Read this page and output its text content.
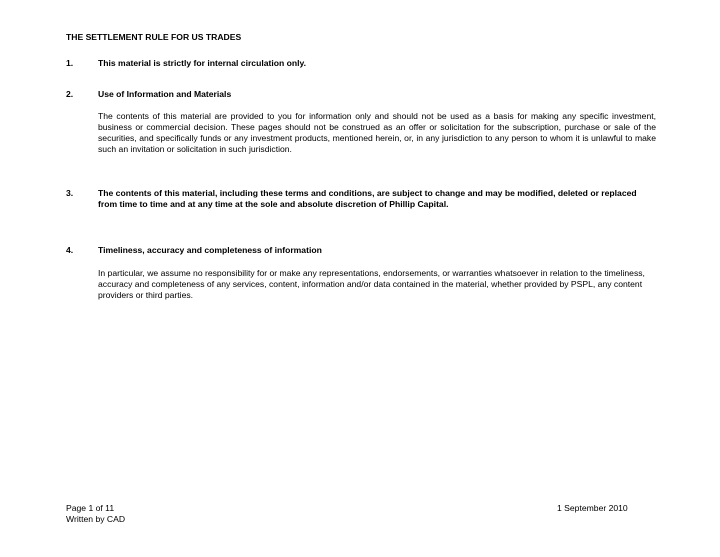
THE SETTLEMENT RULE FOR US TRADES
1.	This material is strictly for internal circulation only.
2.	Use of Information and Materials
The contents of this material are provided to you for information only and should not be used as a basis for making any specific investment, business or commercial decision. These pages should not be construed as an offer or solicitation for the subscription, purchase or sale of the securities, and specifically funds or any investment products, mentioned herein, or, in any jurisdiction to any person to whom it is unlawful to make such an invitation or solicitation in such jurisdiction.
3.	The contents of this material, including these terms and conditions, are subject to change and may be modified, deleted or replaced from time to time and at any time at the sole and absolute discretion of Phillip Capital.
4.	Timeliness, accuracy and completeness of information
In particular, we assume no responsibility for or make any representations, endorsements, or warranties whatsoever in relation to the timeliness, accuracy and completeness of any services, content, information and/or data contained in the material, whether provided by PSPL, any content providers or third parties.
Page 1 of 11
Written by CAD
1 September 2010
